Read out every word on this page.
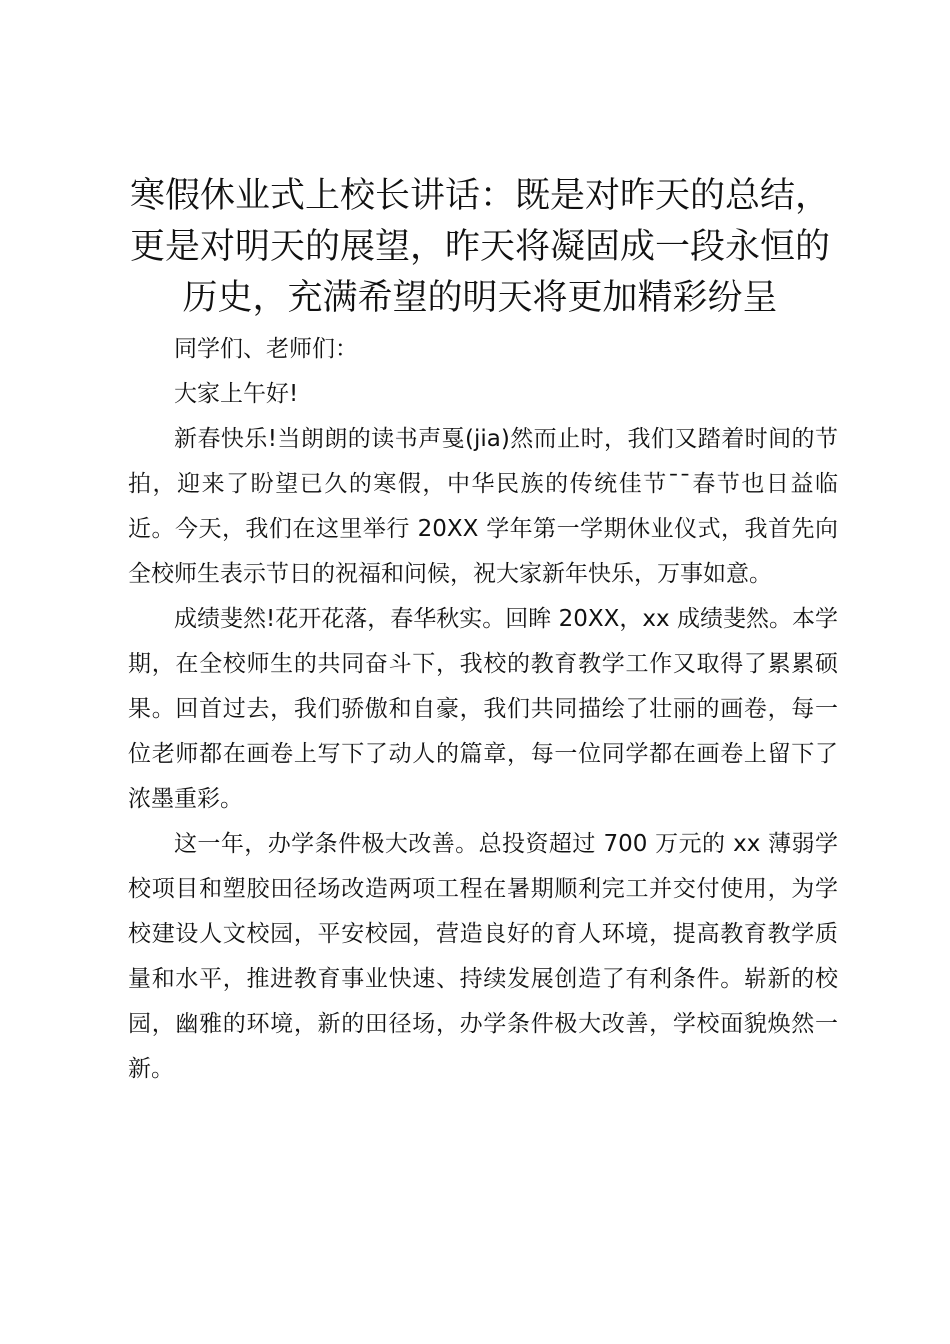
寒假休业式上校长讲话：既是对昨天的总结，
更是对明天的展望，昨天将凝固成一段永恒的
历史，充满希望的明天将更加精彩纷呈

同学们、老师们：

大家上午好!

新春快乐!当朗朗的读书声戛(jia)然而止时，我们又踏着时间的节拍，迎来了盼望已久的寒假，中华民族的传统佳节¯¯春节也日益临近。今天，我们在这里举行 20XX 学年第一学期休业仪式，我首先向全校师生表示节日的祝福和问候，祝大家新年快乐，万事如意。

成绩斐然!花开花落，春华秋实。回眸 20XX，xx 成绩斐然。本学期，在全校师生的共同奋斗下，我校的教育教学工作又取得了累累硕果。回首过去，我们骄傲和自豪，我们共同描绘了壮丽的画卷，每一位老师都在画卷上写下了动人的篇章，每一位同学都在画卷上留下了浓墨重彩。

这一年，办学条件极大改善。总投资超过 700 万元的 xx 薄弱学校项目和塑胶田径场改造两项工程在暑期顺利完工并交付使用，为学校建设人文校园，平安校园，营造良好的育人环境，提高教育教学质量和水平，推进教育事业快速、持续发展创造了有利条件。崭新的校园，幽雅的环境，新的田径场，办学条件极大改善，学校面貌焕然一新。
